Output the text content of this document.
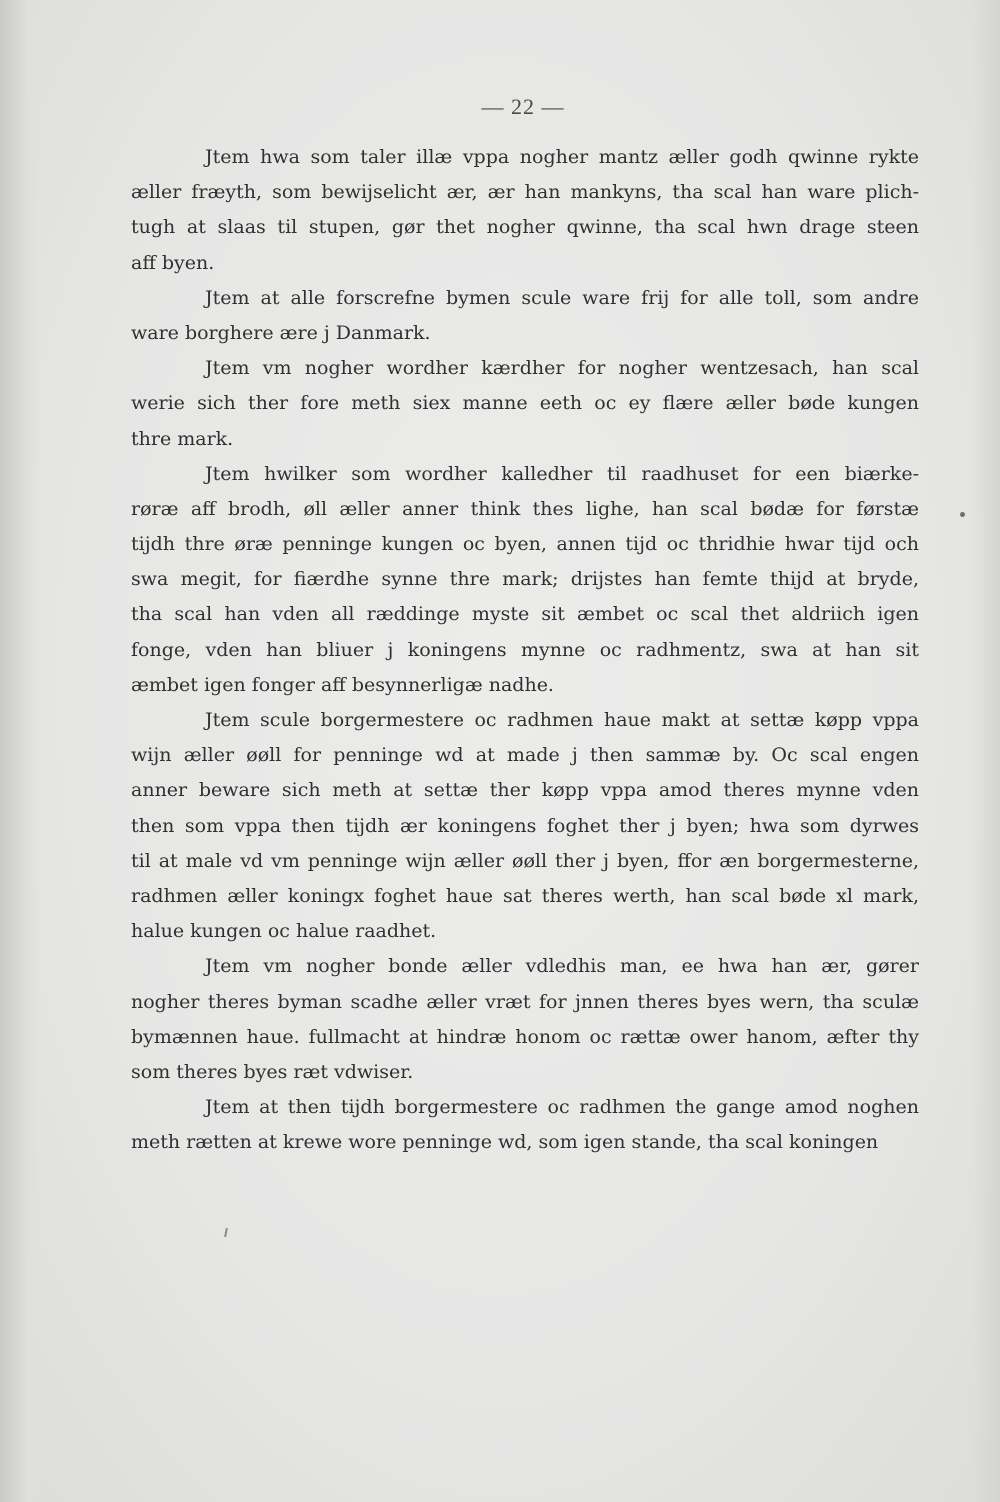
— 22 —
Jtem hwa som taler illæ vppa nogher mantz æller godh qwinne rykte
æller fræyth, som bewijselicht ær, ær han mankyns, tha scal han ware plich-
tugh at slaas til stupen, gør thet nogher qwinne, tha scal hwn drage steen
aff byen.
Jtem at alle forscrefne bymen scule ware frij for alle toll, som andre
ware borghere ære j Danmark.
Jtem vm nogher wordher kærdher for nogher wentzesach, han scal
werie sich ther fore meth siex manne eeth oc ey flære æller bøde kungen
thre mark.
Jtem hwilker som wordher kalledher til raadhuset for een biærke-
røræ aff brodh, øll æller anner think thes lighe, han scal bødæ for førstæ
tijdh thre øræ penninge kungen oc byen, annen tijd oc thridhie hwar tijd och
swa megit, for fiærdhe synne thre mark; drijstes han femte thijd at bryde,
tha scal han vden all ræddinge myste sit æmbet oc scal thet aldriich igen
fonge, vden han bliuer j koningens mynne oc radhmentz, swa at han sit
æmbet igen fonger aff besynnerligæ nadhe.
Jtem scule borgermestere oc radhmen haue makt at settæ køpp vppa
wijn æller øøll for penninge wd at made j then sammæ by. Oc scal engen
anner beware sich meth at settæ ther køpp vppa amod theres mynne vden
then som vppa then tijdh ær koningens foghet ther j byen; hwa som dyrwes
til at male vd vm penninge wijn æller øøll ther j byen, ffor æn borgermesterne,
radhmen æller koningx foghet haue sat theres werth, han scal bøde xl mark,
halue kungen oc halue raadhet.
Jtem vm nogher bonde æller vdledhis man, ee hwa han ær, gører
nogher theres byman scadhe æller vræt for jnnen theres byes wern, tha sculæ
bymænnen haue. fullmacht at hindræ honom oc rættæ ower hanom, æfter thy
som theres byes ræt vdwiser.
Jtem at then tijdh borgermestere oc radhmen the gange amod noghen
meth rætten at krewe wore penninge wd, som igen stande, tha scal koningen
